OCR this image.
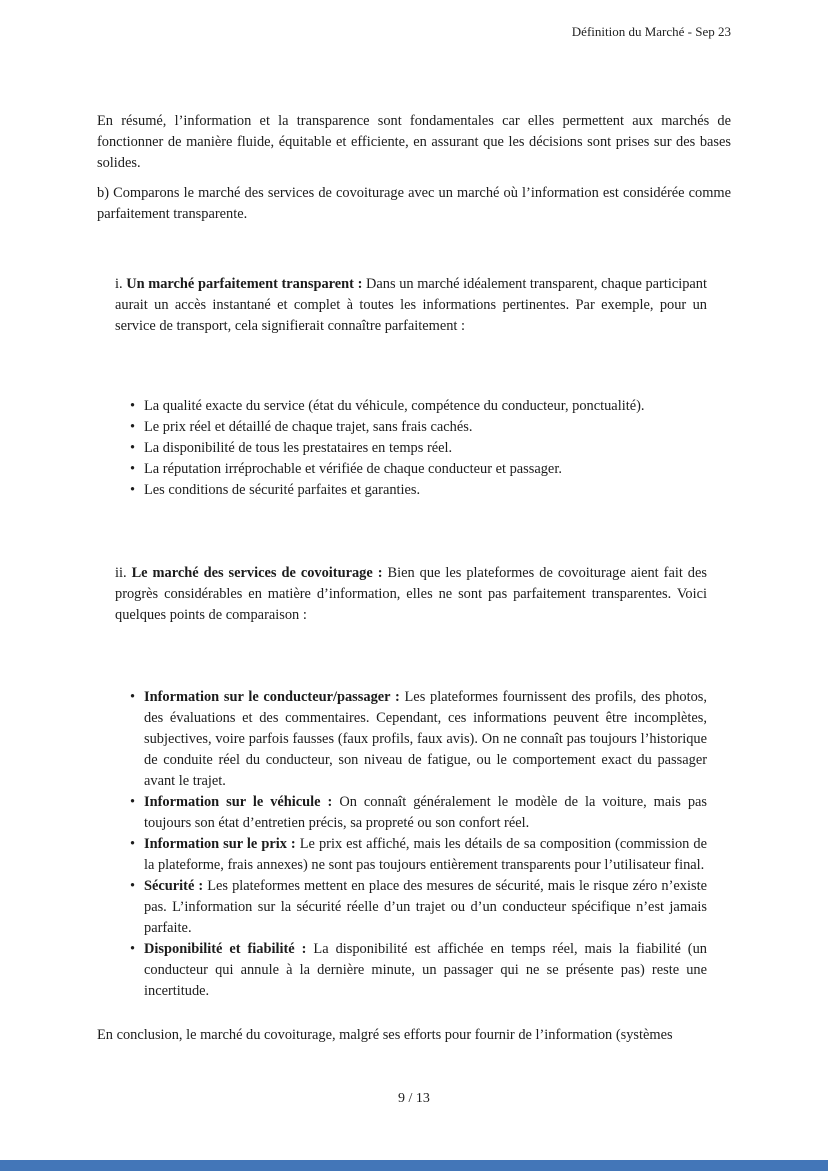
Définition du Marché - Sep 23

En résumé, l’information et la transparence sont fondamentales car elles permettent aux marchés de fonctionner de manière fluide, équitable et efficiente, en assurant que les décisions sont prises sur des bases solides.

b) Comparons le marché des services de covoiturage avec un marché où l’information est considérée comme parfaitement transparente.

i. Un marché parfaitement transparent : Dans un marché idéalement transparent, chaque participant aurait un accès instantané et complet à toutes les informations pertinentes. Par exemple, pour un service de transport, cela signifierait connaître parfaitement :
• La qualité exacte du service (état du véhicule, compétence du conducteur, ponctualité).
• Le prix réel et détaillé de chaque trajet, sans frais cachés.
• La disponibilité de tous les prestataires en temps réel.
• La réputation irréprochable et vérifiée de chaque conducteur et passager.
• Les conditions de sécurité parfaites et garanties.
ii. Le marché des services de covoiturage : Bien que les plateformes de covoiturage aient fait des progrès considérables en matière d’information, elles ne sont pas parfaitement transparentes. Voici quelques points de comparaison :
• Information sur le conducteur/passager : Les plateformes fournissent des profils, des photos, des évaluations et des commentaires. Cependant, ces informations peuvent être incomplètes, subjectives, voire parfois fausses (faux profils, faux avis). On ne connaît pas toujours l’historique de conduite réel du conducteur, son niveau de fatigue, ou le comportement exact du passager avant le trajet.
• Information sur le véhicule : On connaît généralement le modèle de la voiture, mais pas toujours son état d’entretien précis, sa propreté ou son confort réel.
• Information sur le prix : Le prix est affiché, mais les détails de sa composition (commission de la plateforme, frais annexes) ne sont pas toujours entièrement transparents pour l’utilisateur final.
• Sécurité : Les plateformes mettent en place des mesures de sécurité, mais le risque zéro n’existe pas. L’information sur la sécurité réelle d’un trajet ou d’un conducteur spécifique n’est jamais parfaite.
• Disponibilité et fiabilité : La disponibilité est affichée en temps réel, mais la fiabilité (un conducteur qui annule à la dernière minute, un passager qui ne se présente pas) reste une incertitude.

En conclusion, le marché du covoiturage, malgré ses efforts pour fournir de l’information (systèmes

9 / 13
